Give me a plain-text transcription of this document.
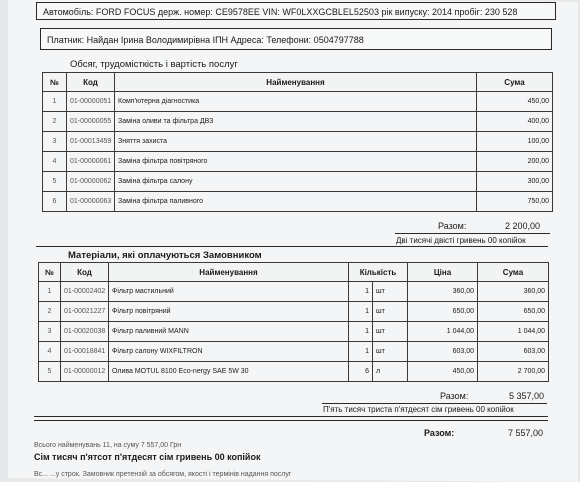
Автомобіль: FORD FOCUS держ. номер: СЕ9578ЕЕ VIN: WF0LXXGCBLEL52503 рік випуску: 2014 пробіг: 230 528
Платник: Найдан Ірина Володимирівна ІПН Адреса: Телефони: 0504797788
Обсяг, трудомісткість і вартість послуг
№	Код	Найменування	Сума
1	01-00000051	Комп'ютерна діагностика	450,00
2	01-00000055	Заміна оливи та фільтра ДВЗ	400,00
3	01-00013459	Зняття захиста	100,00
4	01-00000061	Заміна фільтра повітряного	200,00
5	01-00000062	Заміна фільтра салону	300,00
6	01-00000063	Заміна фільтра паливного	750,00
Разом:	2 200,00
Дві тисячі двісті гривень 00 копійок
Матеріали, які оплачуються Замовником
№	Код	Найменування	Кількість		Ціна	Сума
1	01-00002402	Фільтр мастильний	1	шт	360,00	360,00
2	01-00021227	Фільтр повітряний	1	шт	650,00	650,00
3	01-00020038	Фільтр паливний MANN	1	шт	1 044,00	1 044,00
4	01-00018841	Фільтр салону WIXFILTRON	1	шт	603,00	603,00
5	01-00000012	Олива MOTUL 8100 Eco-nergy SAE 5W 30	6	л	450,00	2 700,00
Разом:	5 357,00
П'ять тисяч триста п'ятдесят сім гривень 00 копійок
Разом:	7 557,00
Всього найменувань 11, на суму 7 557,00 Грн
Сім тисяч п'ятсот п'ятдесят сім гривень 00 копійок
Вс... ...у строк. Замовник претензій за обсягом, якості і термінів надання послуг
